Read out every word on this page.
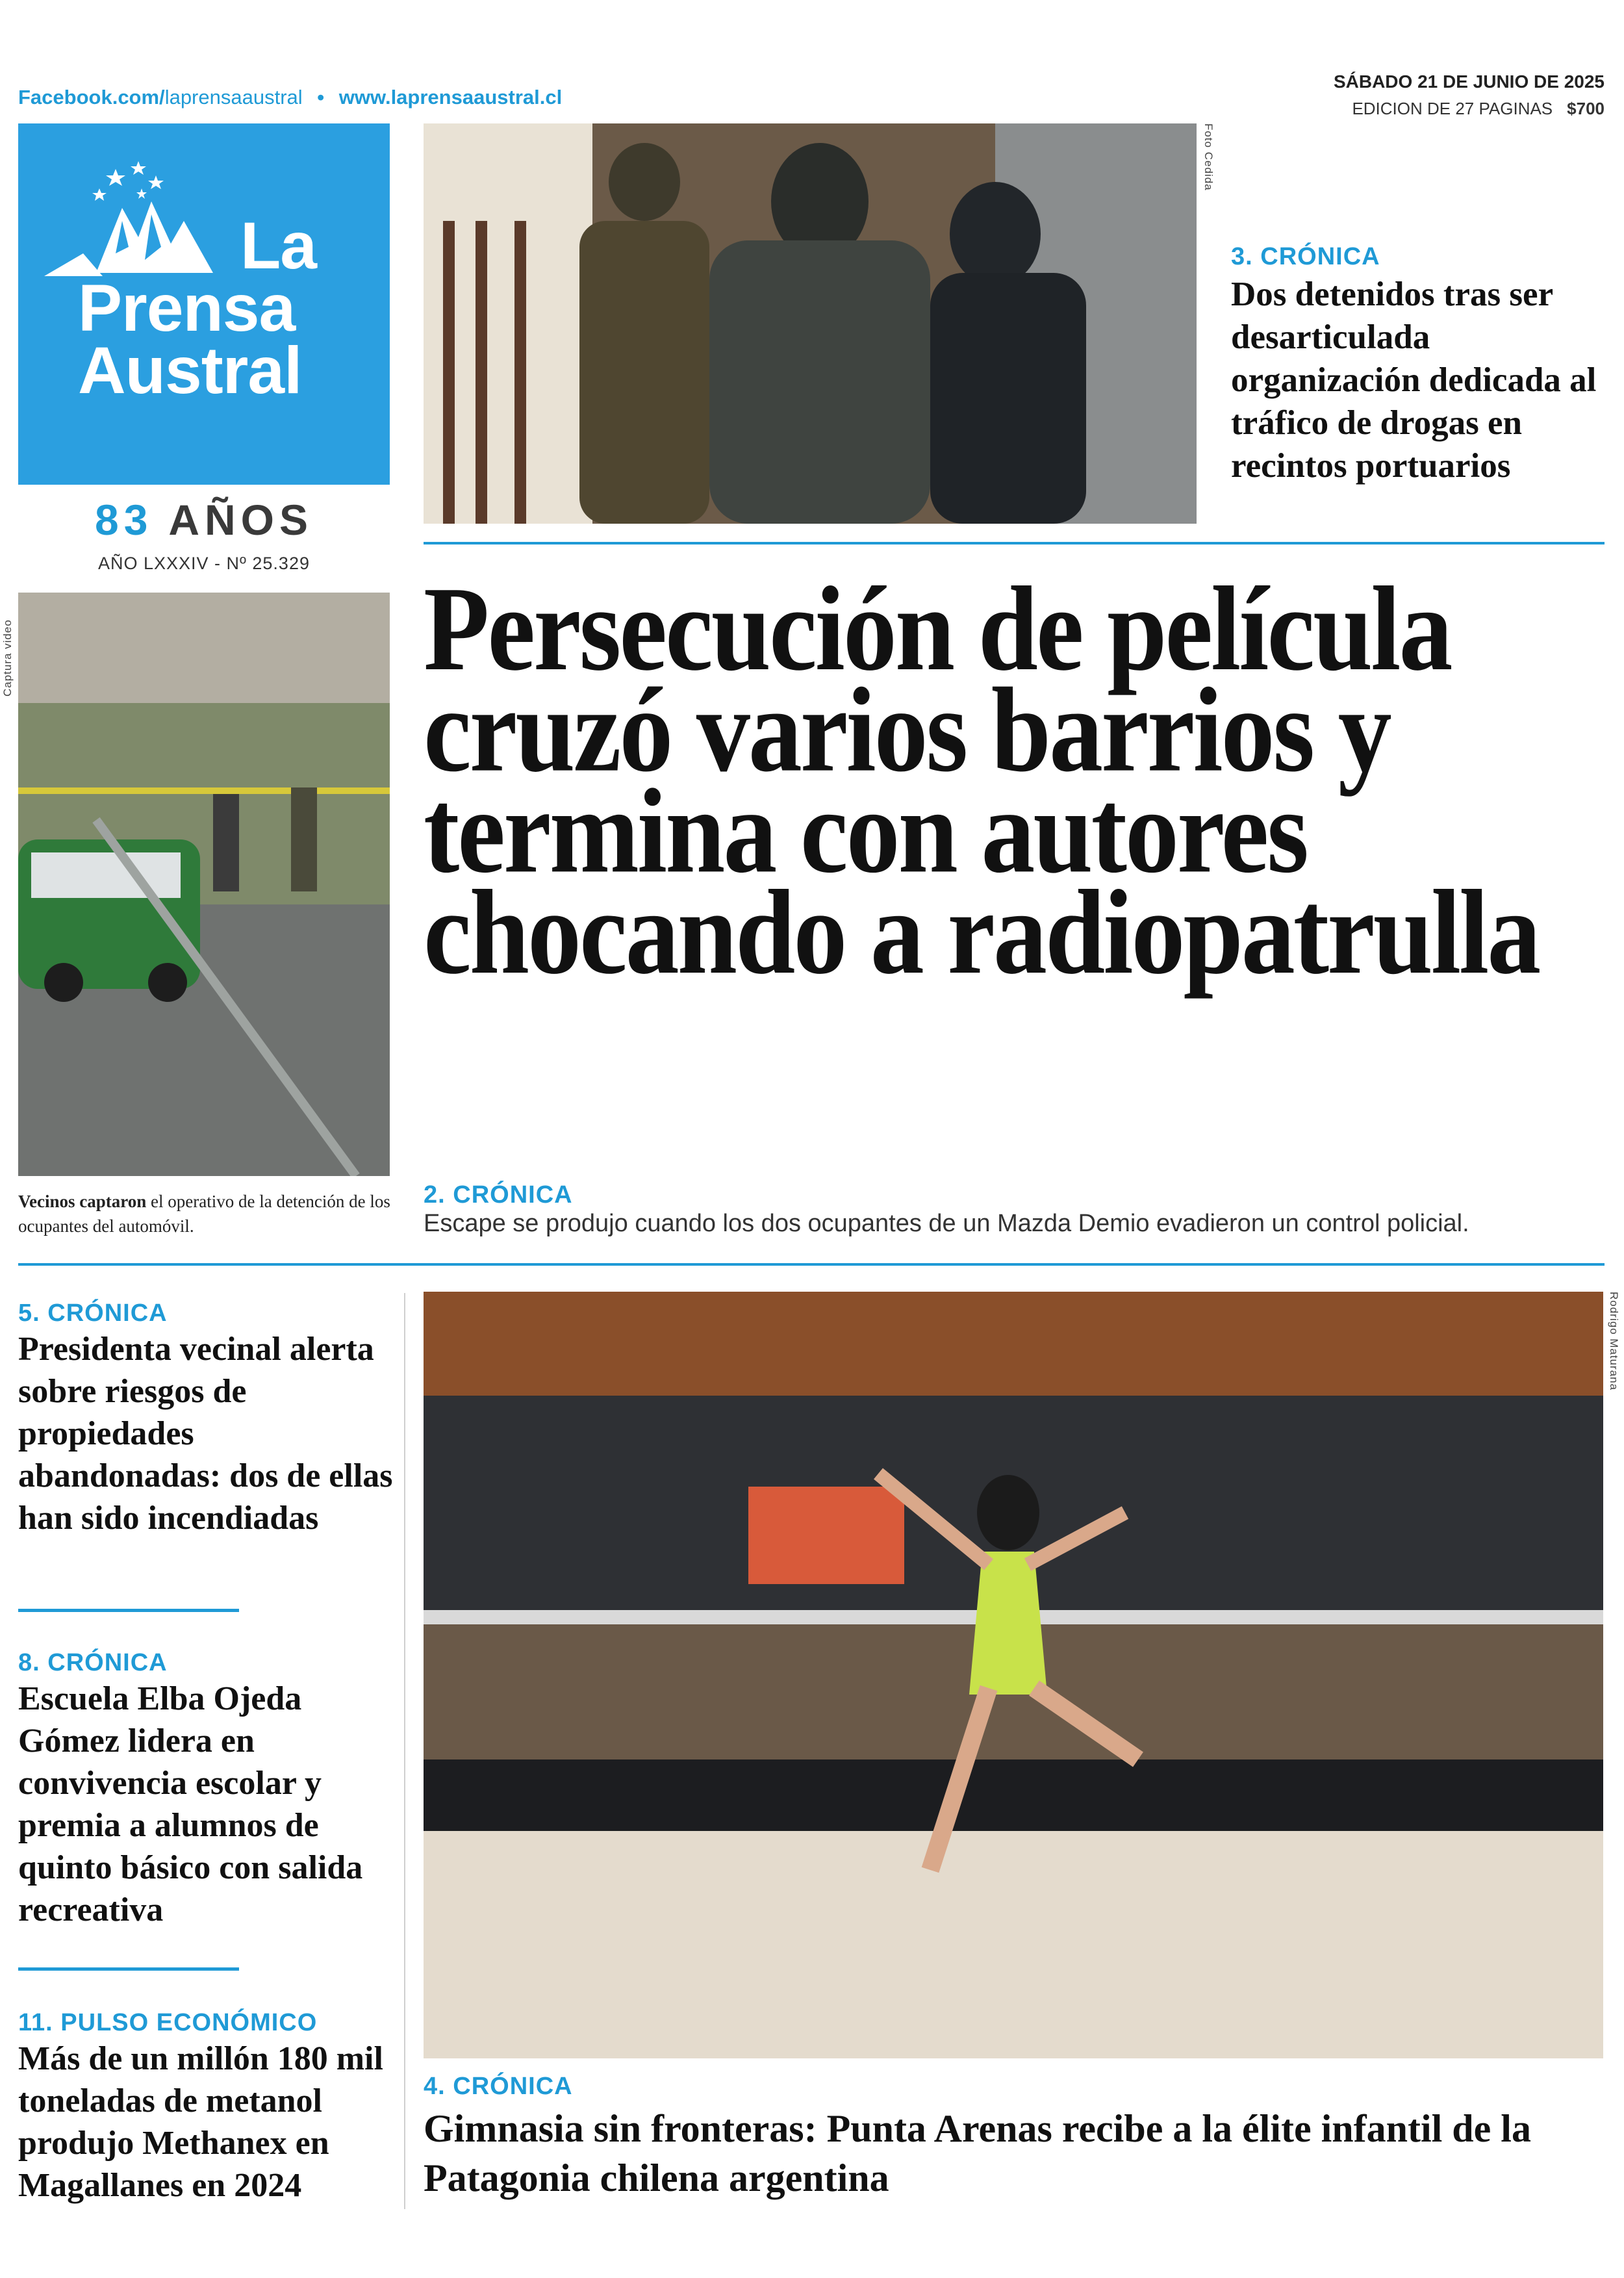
Facebook.com/laprensaaustral • www.laprensaaustral.cl
SÁBADO 21 DE JUNIO DE 2025
EDICION DE 27 PAGINAS $700
La
Prensa
Austral
83 AÑOS
AÑO LXXXIV - Nº 25.329
Foto Cedida
Captura video
Rodrigo Maturana
3. CRÓNICA
Dos detenidos tras ser desarticulada organización dedicada al tráfico de drogas en recintos portuarios
Persecución de película cruzó varios barrios y termina con autores chocando a radiopatrulla
2. CRÓNICA
Escape se produjo cuando los dos ocupantes de un Mazda Demio evadieron un control policial.
Vecinos captaron el operativo de la detención de los ocupantes del automóvil.
5. CRÓNICA
Presidenta vecinal alerta sobre riesgos de propiedades abandonadas: dos de ellas han sido incendiadas
8. CRÓNICA
Escuela Elba Ojeda Gómez lidera en convivencia escolar y premia a alumnos de quinto básico con salida recreativa
11. PULSO ECONÓMICO
Más de un millón 180 mil toneladas de metanol produjo Methanex en Magallanes en 2024
4. CRÓNICA
Gimnasia sin fronteras: Punta Arenas recibe a la élite infantil de la Patagonia chilena argentina
